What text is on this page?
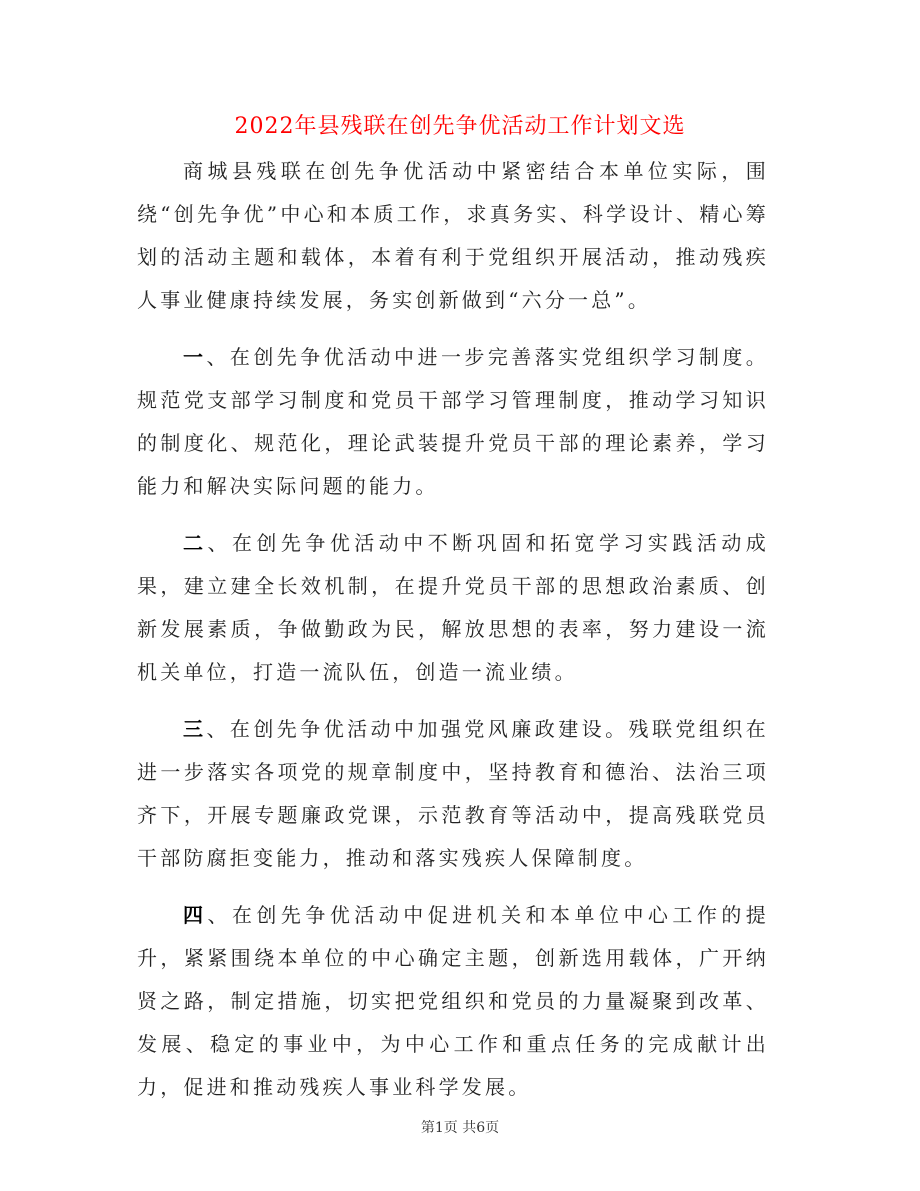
2022年县残联在创先争优活动工作计划文选

商城县残联在创先争优活动中紧密结合本单位实际，围绕“创先争优”中心和本质工作，求真务实、科学设计、精心筹划的活动主题和载体，本着有利于党组织开展活动，推动残疾人事业健康持续发展，务实创新做到“六分一总”。

一、在创先争优活动中进一步完善落实党组织学习制度。规范党支部学习制度和党员干部学习管理制度，推动学习知识的制度化、规范化，理论武装提升党员干部的理论素养，学习能力和解决实际问题的能力。

二、在创先争优活动中不断巩固和拓宽学习实践活动成果，建立建全长效机制，在提升党员干部的思想政治素质、创新发展素质，争做勤政为民，解放思想的表率，努力建设一流机关单位，打造一流队伍，创造一流业绩。

三、在创先争优活动中加强党风廉政建设。残联党组织在进一步落实各项党的规章制度中，坚持教育和德治、法治三项齐下，开展专题廉政党课，示范教育等活动中，提高残联党员干部防腐拒变能力，推动和落实残疾人保障制度。

四、在创先争优活动中促进机关和本单位中心工作的提升，紧紧围绕本单位的中心确定主题，创新选用载体，广开纳贤之路，制定措施，切实把党组织和党员的力量凝聚到改革、发展、稳定的事业中，为中心工作和重点任务的完成献计出力，促进和推动残疾人事业科学发展。

第1页 共6页
